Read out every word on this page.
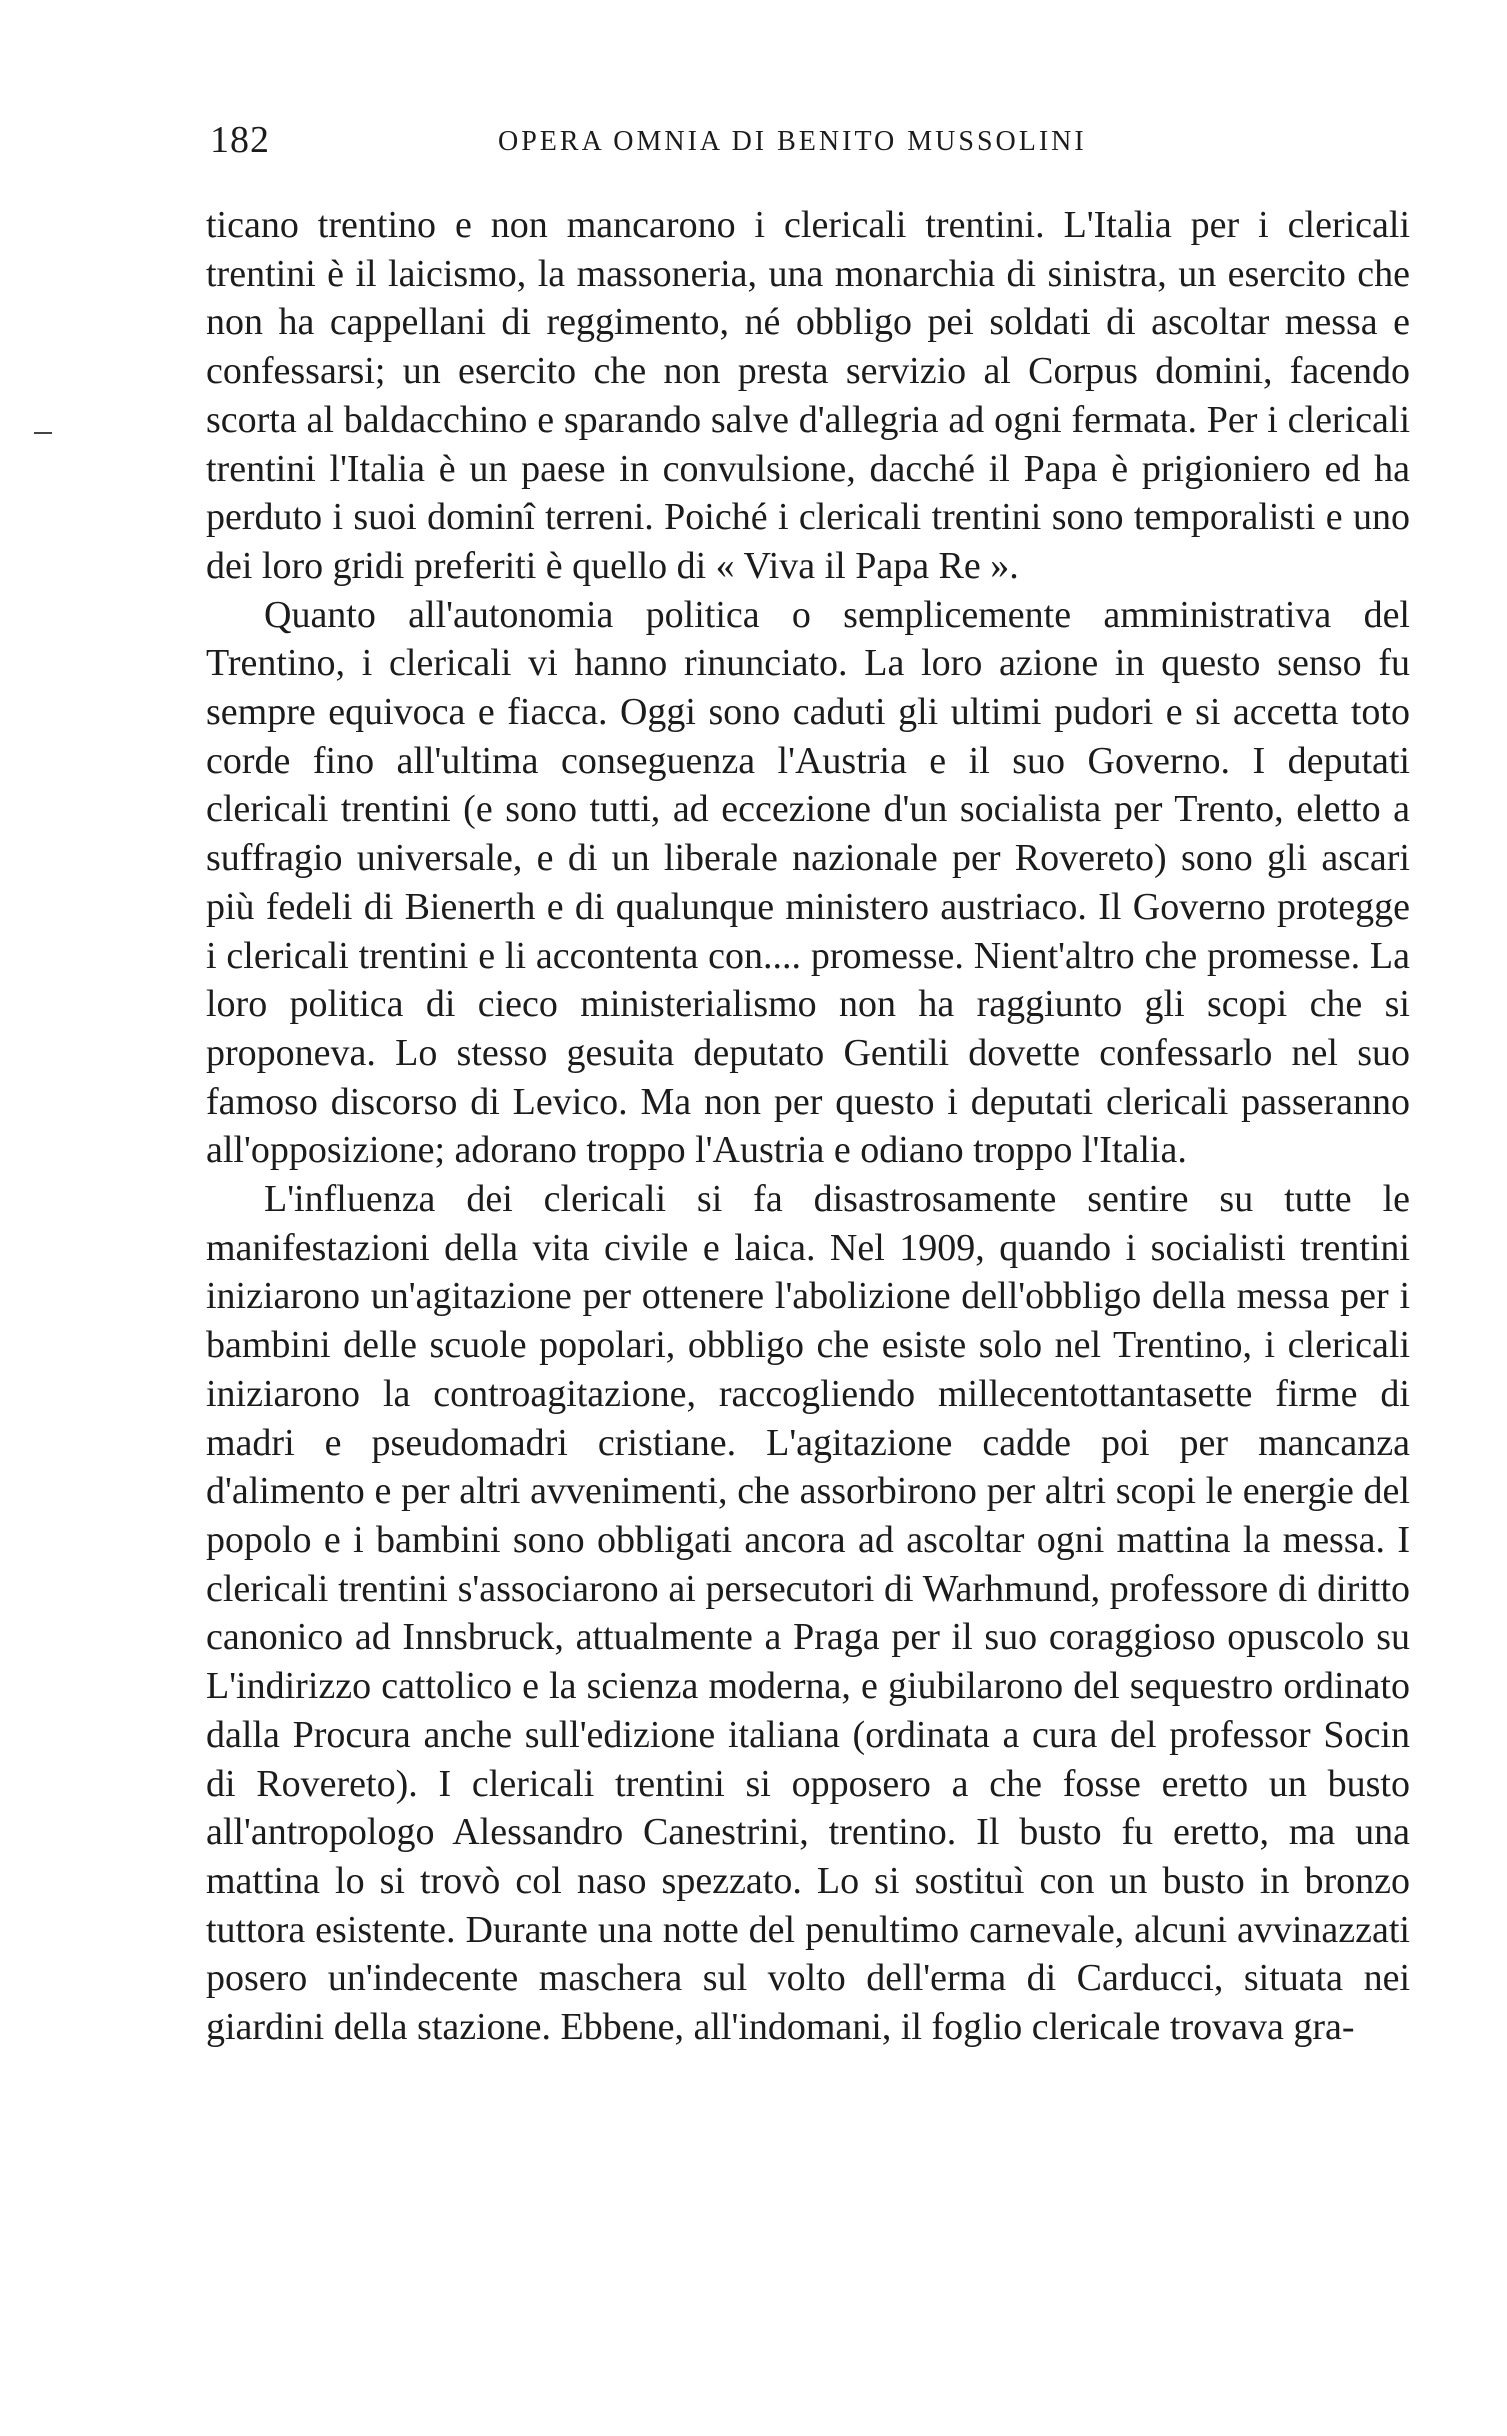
182	OPERA OMNIA DI BENITO MUSSOLINI

ticano trentino e non mancarono i clericali trentini. L'Italia per i clericali trentini è il laicismo, la massoneria, una monarchia di sinistra, un esercito che non ha cappellani di reggimento, né obbligo pei soldati di ascoltar messa e confessarsi; un esercito che non presta servizio al Corpus domini, facendo scorta al baldacchino e sparando salve d'allegria ad ogni fermata. Per i clericali trentini l'Italia è un paese in convulsione, dacché il Papa è prigioniero ed ha perduto i suoi dominî terreni. Poiché i clericali trentini sono temporalisti e uno dei loro gridi preferiti è quello di « Viva il Papa Re ».

Quanto all'autonomia politica o semplicemente amministrativa del Trentino, i clericali vi hanno rinunciato. La loro azione in questo senso fu sempre equivoca e fiacca. Oggi sono caduti gli ultimi pudori e si accetta toto corde fino all'ultima conseguenza l'Austria e il suo Governo. I deputati clericali trentini (e sono tutti, ad eccezione d'un socialista per Trento, eletto a suffragio universale, e di un liberale nazionale per Rovereto) sono gli ascari più fedeli di Bienerth e di qualunque ministero austriaco. Il Governo protegge i clericali trentini e li accontenta con.... promesse. Nient'altro che promesse. La loro politica di cieco ministerialismo non ha raggiunto gli scopi che si proponeva. Lo stesso gesuita deputato Gentili dovette confessarlo nel suo famoso discorso di Levico. Ma non per questo i deputati clericali passeranno all'opposizione; adorano troppo l'Austria e odiano troppo l'Italia.

L'influenza dei clericali si fa disastrosamente sentire su tutte le manifestazioni della vita civile e laica. Nel 1909, quando i socialisti trentini iniziarono un'agitazione per ottenere l'abolizione dell'obbligo della messa per i bambini delle scuole popolari, obbligo che esiste solo nel Trentino, i clericali iniziarono la controagitazione, raccogliendo millecentottantasette firme di madri e pseudomadri cristiane. L'agitazione cadde poi per mancanza d'alimento e per altri avvenimenti, che assorbirono per altri scopi le energie del popolo e i bambini sono obbligati ancora ad ascoltar ogni mattina la messa. I clericali trentini s'associarono ai persecutori di Warhmund, professore di diritto canonico ad Innsbruck, attualmente a Praga per il suo coraggioso opuscolo su L'indirizzo cattolico e la scienza moderna, e giubilarono del sequestro ordinato dalla Procura anche sull'edizione italiana (ordinata a cura del professor Socin di Rovereto). I clericali trentini si opposero a che fosse eretto un busto all'antropologo Alessandro Canestrini, trentino. Il busto fu eretto, ma una mattina lo si trovò col naso spezzato. Lo si sostituì con un busto in bronzo tuttora esistente. Durante una notte del penultimo carnevale, alcuni avvinazzati posero un'indecente maschera sul volto dell'erma di Carducci, situata nei giardini della stazione. Ebbene, all'indomani, il foglio clericale trovava gra-
